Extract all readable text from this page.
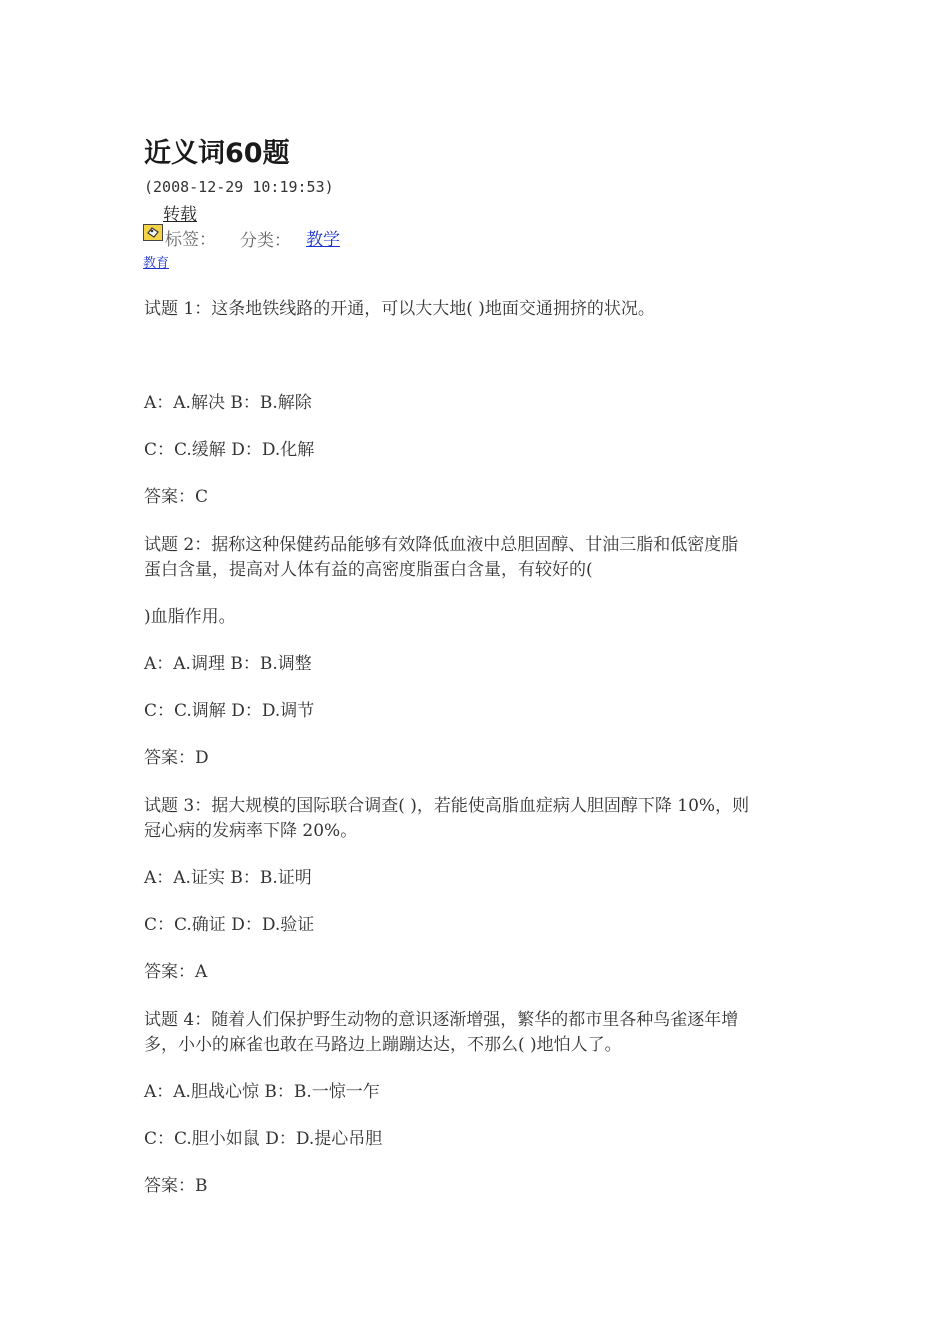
近义词60题
(2008-12-29 10:19:53)
转载
标签： 分类： 教学
教育
试题 1：这条地铁线路的开通，可以大大地( )地面交通拥挤的状况。
A：A.解决 B：B.解除
C：C.缓解 D：D.化解
答案：C
试题 2：据称这种保健药品能够有效降低血液中总胆固醇、甘油三脂和低密度脂
蛋白含量，提高对人体有益的高密度脂蛋白含量，有较好的(
)血脂作用。
A：A.调理 B：B.调整
C：C.调解 D：D.调节
答案：D
试题 3：据大规模的国际联合调查( )，若能使高脂血症病人胆固醇下降 10%，则
冠心病的发病率下降 20%。
A：A.证实 B：B.证明
C：C.确证 D：D.验证
答案：A
试题 4：随着人们保护野生动物的意识逐渐增强，繁华的都市里各种鸟雀逐年增
多，小小的麻雀也敢在马路边上蹦蹦达达，不那么( )地怕人了。
A：A.胆战心惊 B：B.一惊一乍
C：C.胆小如鼠 D：D.提心吊胆
答案：B
